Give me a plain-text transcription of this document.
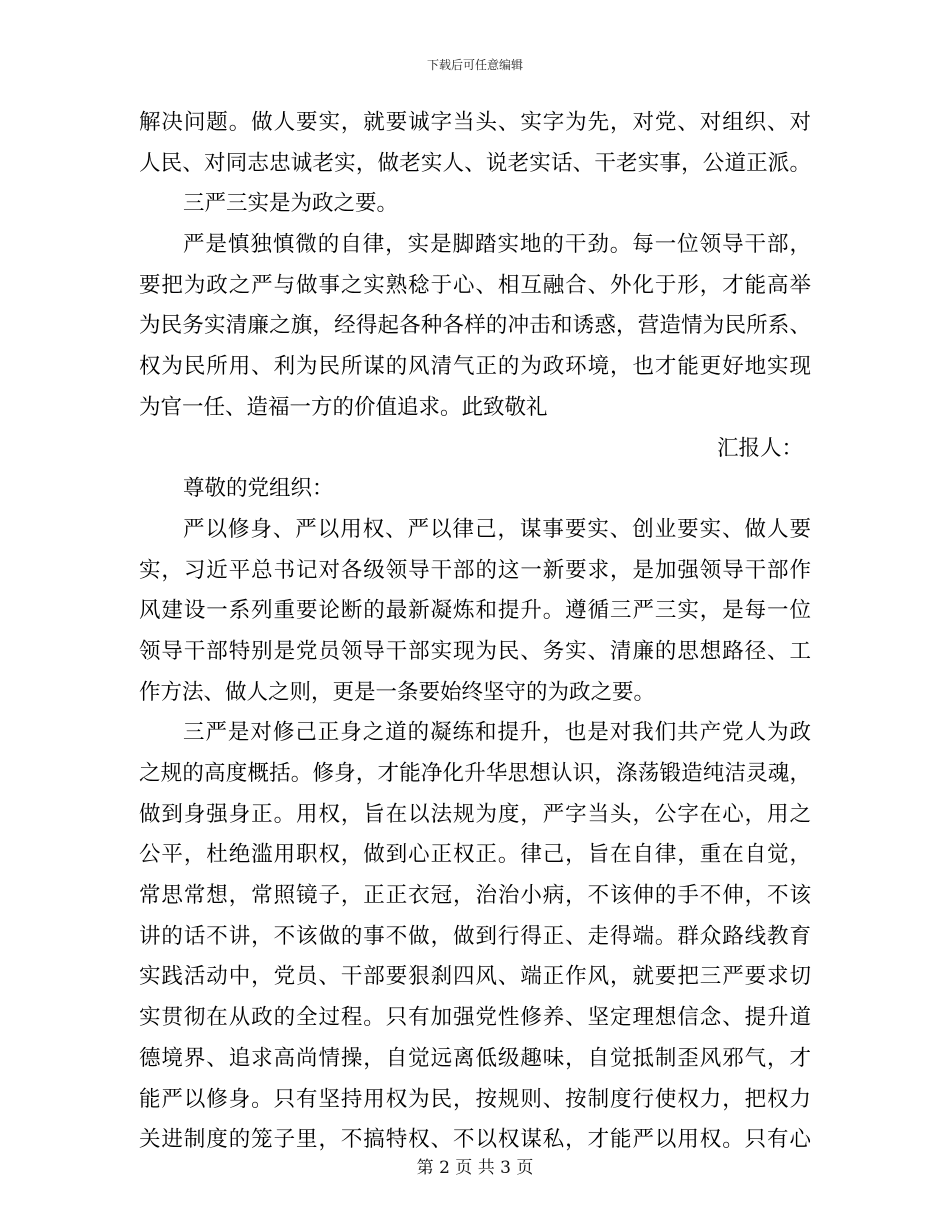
下载后可任意编辑
解决问题。做人要实，就要诚字当头、实字为先，对党、对组织、对
人民、对同志忠诚老实，做老实人、说老实话、干老实事，公道正派。
三严三实是为政之要。
严是慎独慎微的自律，实是脚踏实地的干劲。每一位领导干部，
要把为政之严与做事之实熟稔于心、相互融合、外化于形，才能高举
为民务实清廉之旗，经得起各种各样的冲击和诱惑，营造情为民所系、
权为民所用、利为民所谋的风清气正的为政环境，也才能更好地实现
为官一任、造福一方的价值追求。此致敬礼
汇报人：
尊敬的党组织：
严以修身、严以用权、严以律己，谋事要实、创业要实、做人要
实，习近平总书记对各级领导干部的这一新要求，是加强领导干部作
风建设一系列重要论断的最新凝炼和提升。遵循三严三实，是每一位
领导干部特别是党员领导干部实现为民、务实、清廉的思想路径、工
作方法、做人之则，更是一条要始终坚守的为政之要。
三严是对修己正身之道的凝练和提升，也是对我们共产党人为政
之规的高度概括。修身，才能净化升华思想认识，涤荡锻造纯洁灵魂，
做到身强身正。用权，旨在以法规为度，严字当头，公字在心，用之
公平，杜绝滥用职权，做到心正权正。律己，旨在自律，重在自觉，
常思常想，常照镜子，正正衣冠，治治小病，不该伸的手不伸，不该
讲的话不讲，不该做的事不做，做到行得正、走得端。群众路线教育
实践活动中，党员、干部要狠刹四风、端正作风，就要把三严要求切
实贯彻在从政的全过程。只有加强党性修养、坚定理想信念、提升道
德境界、追求高尚情操，自觉远离低级趣味，自觉抵制歪风邪气，才
能严以修身。只有坚持用权为民，按规则、按制度行使权力，把权力
关进制度的笼子里，不搞特权、不以权谋私，才能严以用权。只有心
第 2 页 共 3 页
